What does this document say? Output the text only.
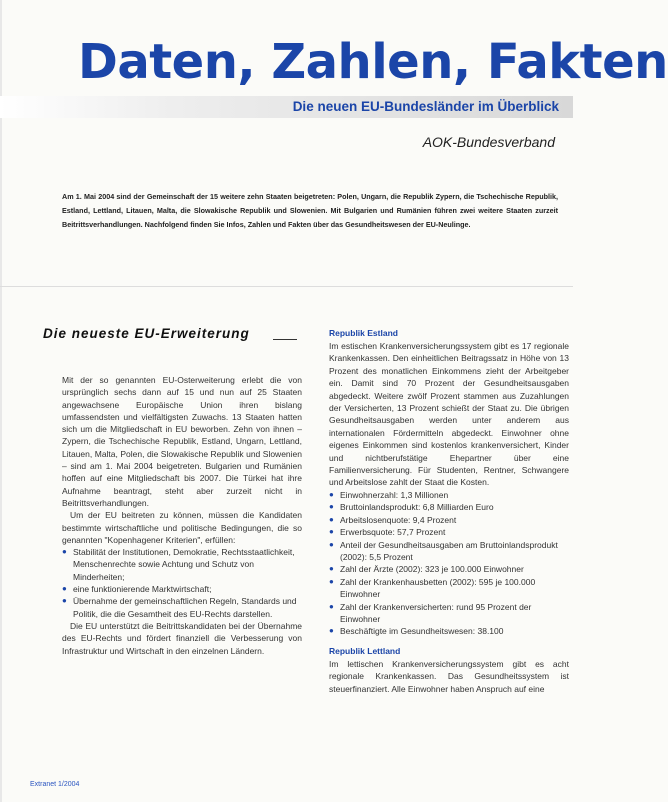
Daten, Zahlen, Fakten
Die neuen EU-Bundesländer im Überblick
AOK-Bundesverband

Am 1. Mai 2004 sind der Gemeinschaft der 15 weitere zehn Staaten beigetreten: Polen, Ungarn, die Republik Zypern, die Tschechische Republik, Estland, Lettland, Litauen, Malta, die Slowakische Republik und Slowenien. Mit Bulgarien und Rumänien führen zwei weitere Staaten zurzeit Beitrittsverhandlungen. Nachfolgend finden Sie Infos, Zahlen und Fakten über das Gesundheitswesen der EU-Neulinge.

Die neueste EU-Erweiterung

Mit der so genannten EU-Osterweiterung erlebt die von ursprünglich sechs dann auf 15 und nun auf 25 Staaten angewachsene Europäische Union ihren bislang umfassendsten und vielfältigsten Zuwachs. 13 Staaten hatten sich um die Mitgliedschaft in EU beworben. Zehn von ihnen – Zypern, die Tschechische Republik, Estland, Ungarn, Lettland, Litauen, Malta, Polen, die Slowakische Republik und Slowenien – sind am 1. Mai 2004 beigetreten. Bulgarien und Rumänien hoffen auf eine Mitgliedschaft bis 2007. Die Türkei hat ihre Aufnahme beantragt, steht aber zurzeit nicht in Beitrittsverhandlungen.

Um der EU beitreten zu können, müssen die Kandidaten bestimmte wirtschaftliche und politische Bedingungen, die so genannten "Kopenhagener Kriterien", erfüllen:

● Stabilität der Institutionen, Demokratie, Rechtsstaatlichkeit, Menschenrechte sowie Achtung und Schutz von Minderheiten;
● eine funktionierende Marktwirtschaft;
● Übernahme der gemeinschaftlichen Regeln, Standards und Politik, die die Gesamtheit des EU-Rechts darstellen.

Die EU unterstützt die Beitrittskandidaten bei der Übernahme des EU-Rechts und fördert finanziell die Verbesserung von Infrastruktur und Wirtschaft in den einzelnen Ländern.

Republik Estland

Im estischen Krankenversicherungssystem gibt es 17 regionale Krankenkassen. Den einheitlichen Beitragssatz in Höhe von 13 Prozent des monatlichen Einkommens zieht der Arbeitgeber ein. Damit sind 70 Prozent der Gesundheitsausgaben abgedeckt. Weitere zwölf Prozent stammen aus Zuzahlungen der Versicherten, 13 Prozent schießt der Staat zu. Die übrigen Gesundheitsausgaben werden unter anderem aus internationalen Fördermitteln abgedeckt. Einwohner ohne eigenes Einkommen sind kostenlos krankenversichert, Kinder und nichtberufstätige Ehepartner über eine Familienversicherung. Für Studenten, Rentner, Schwangere und Arbeitslose zahlt der Staat die Kosten.

● Einwohnerzahl: 1,3 Millionen
● Bruttoinlandsprodukt: 6,8 Milliarden Euro
● Arbeitslosenquote: 9,4 Prozent
● Erwerbsquote: 57,7 Prozent
● Anteil der Gesundheitsausgaben am Bruttoinlandsprodukt (2002): 5,5 Prozent
● Zahl der Ärzte (2002): 323 je 100.000 Einwohner
● Zahl der Krankenhausbetten (2002): 595 je 100.000 Einwohner
● Zahl der Krankenversicherten: rund 95 Prozent der Einwohner
● Beschäftigte im Gesundheitswesen: 38.100
Republik Lettland

Im lettischen Krankenversicherungssystem gibt es acht regionale Krankenkassen. Das Gesundheitssystem ist steuerfinanziert. Alle Einwohner haben Anspruch auf eine

Extranet 1/2004
